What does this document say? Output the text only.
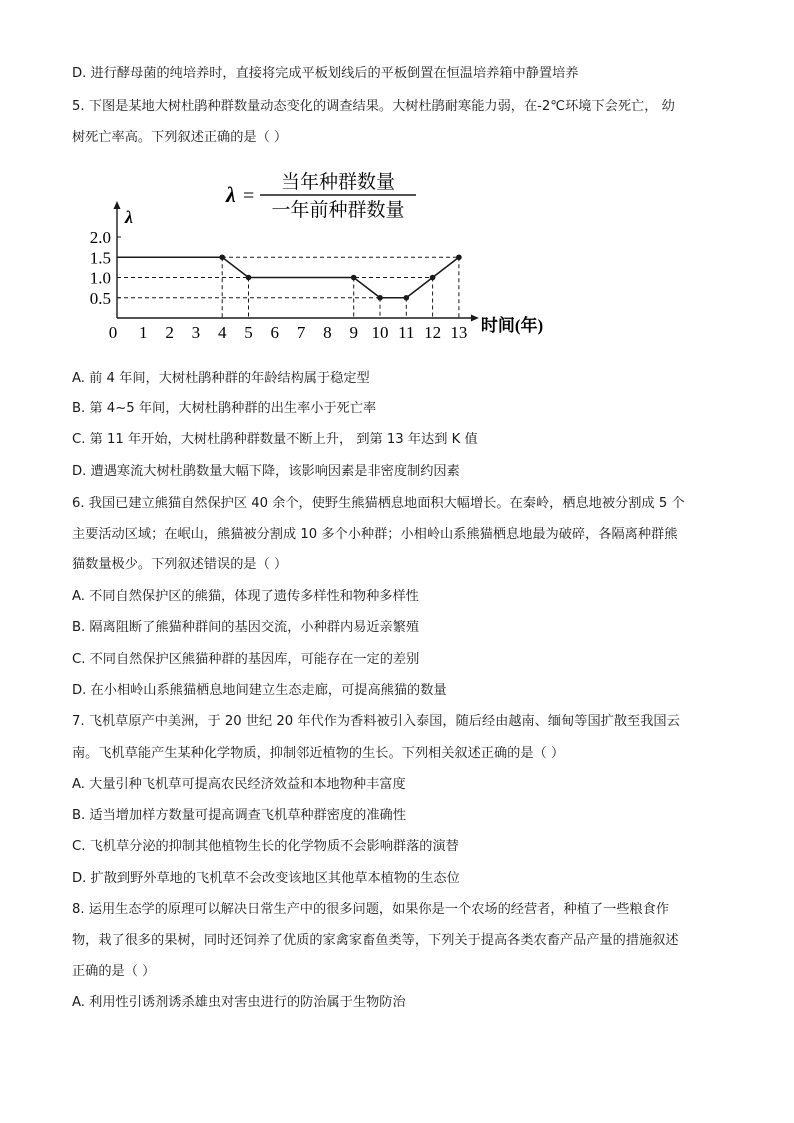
D. 进行酵母菌的纯培养时，直接将完成平板划线后的平板倒置在恒温培养箱中静置培养
5. 下图是某地大树杜鹃种群数量动态变化的调查结果。大树杜鹃耐寒能力弱，在-2℃环境下会死亡， 幼
树死亡率高。下列叙述正确的是（ ）
λ =
当年种群数量
一年前种群数量
λ
时间(年)
2.0
1.5
1.0
0.5
0 1 2 3 4 5 6 7 8 9 10 11 12 13
A. 前 4 年间，大树杜鹃种群的年龄结构属于稳定型
B. 第 4~5 年间，大树杜鹃种群的出生率小于死亡率
C. 第 11 年开始，大树杜鹃种群数量不断上升， 到第 13 年达到 K 值
D. 遭遇寒流大树杜鹃数量大幅下降，该影响因素是非密度制约因素
6. 我国已建立熊猫自然保护区 40 余个，使野生熊猫栖息地面积大幅增长。在秦岭，栖息地被分割成 5 个
主要活动区域；在岷山，熊猫被分割成 10 多个小种群；小相岭山系熊猫栖息地最为破碎，各隔离种群熊
猫数量极少。下列叙述错误的是（ ）
A. 不同自然保护区的熊猫，体现了遗传多样性和物种多样性
B. 隔离阻断了熊猫种群间的基因交流，小种群内易近亲繁殖
C. 不同自然保护区熊猫种群的基因库，可能存在一定的差别
D. 在小相岭山系熊猫栖息地间建立生态走廊，可提高熊猫的数量
7. 飞机草原产中美洲，于 20 世纪 20 年代作为香料被引入泰国，随后经由越南、缅甸等国扩散至我国云
南。飞机草能产生某种化学物质，抑制邻近植物的生长。下列相关叙述正确的是（ ）
A. 大量引种飞机草可提高农民经济效益和本地物种丰富度
B. 适当增加样方数量可提高调查飞机草种群密度的准确性
C. 飞机草分泌的抑制其他植物生长的化学物质不会影响群落的演替
D. 扩散到野外草地的飞机草不会改变该地区其他草本植物的生态位
8. 运用生态学的原理可以解决日常生产中的很多问题，如果你是一个农场的经营者，种植了一些粮食作
物，栽了很多的果树，同时还饲养了优质的家禽家畜鱼类等，下列关于提高各类农畜产品产量的措施叙述
正确的是（ ）
A. 利用性引诱剂诱杀雄虫对害虫进行的防治属于生物防治
